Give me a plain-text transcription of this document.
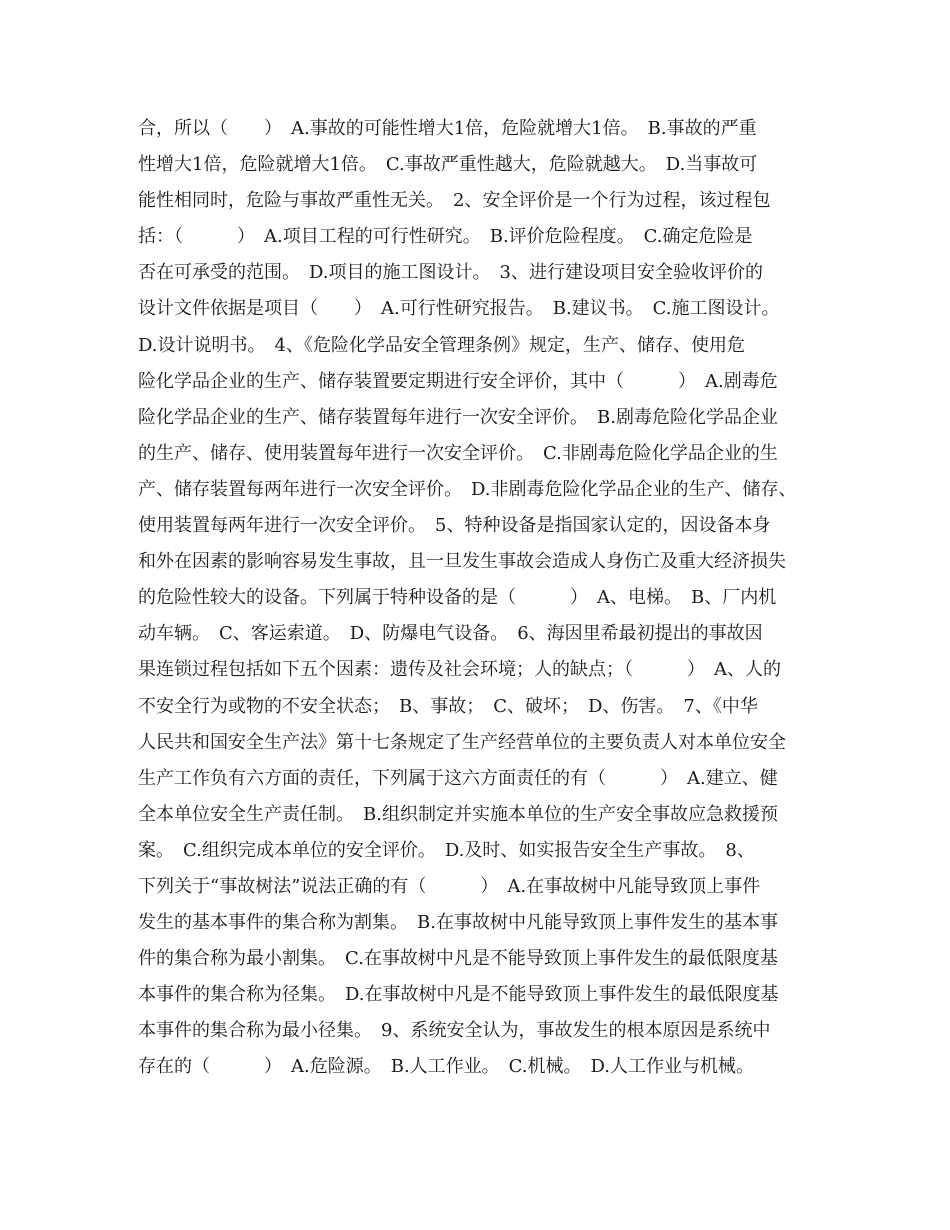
合，所以（　　）　A.事故的可能性增大1倍，危险就增大1倍。　B.事故的严重
性增大1倍，危险就增大1倍。　C.事故严重性越大，危险就越大。　D.当事故可
能性相同时，危险与事故严重性无关。　2、安全评价是一个行为过程，该过程包
括：（　　　）　A.项目工程的可行性研究。　B.评价危险程度。　C.确定危险是
否在可承受的范围。　D.项目的施工图设计。　3、进行建设项目安全验收评价的
设计文件依据是项目（　　）　A.可行性研究报告。　B.建议书。　C.施工图设计。
D.设计说明书。　4、《危险化学品安全管理条例》规定，生产、储存、使用危
险化学品企业的生产、储存装置要定期进行安全评价，其中（　　　）　A.剧毒危
险化学品企业的生产、储存装置每年进行一次安全评价。　B.剧毒危险化学品企业
的生产、储存、使用装置每年进行一次安全评价。　C.非剧毒危险化学品企业的生
产、储存装置每两年进行一次安全评价。　D.非剧毒危险化学品企业的生产、储存、
使用装置每两年进行一次安全评价。　5、特种设备是指国家认定的，因设备本身
和外在因素的影响容易发生事故，且一旦发生事故会造成人身伤亡及重大经济损失
的危险性较大的设备。下列属于特种设备的是（　　　）　A、电梯。　B、厂内机
动车辆。　C、客运索道。　D、防爆电气设备。　6、海因里希最初提出的事故因
果连锁过程包括如下五个因素：遗传及社会环境；人的缺点；（　　　）　A、人的
不安全行为或物的不安全状态；　B、事故；　C、破坏；　D、伤害。　7、《中华
人民共和国安全生产法》第十七条规定了生产经营单位的主要负责人对本单位安全
生产工作负有六方面的责任，下列属于这六方面责任的有（　　　）　A.建立、健
全本单位安全生产责任制。　B.组织制定并实施本单位的生产安全事故应急救援预
案。　C.组织完成本单位的安全评价。　D.及时、如实报告安全生产事故。　8、
下列关于“事故树法”说法正确的有（　　　）　A.在事故树中凡能导致顶上事件
发生的基本事件的集合称为割集。　B.在事故树中凡能导致顶上事件发生的基本事
件的集合称为最小割集。　C.在事故树中凡是不能导致顶上事件发生的最低限度基
本事件的集合称为径集。　D.在事故树中凡是不能导致顶上事件发生的最低限度基
本事件的集合称为最小径集。　9、系统安全认为，事故发生的根本原因是系统中
存在的（　　　）　A.危险源。　B.人工作业。　C.机械。　D.人工作业与机械。
